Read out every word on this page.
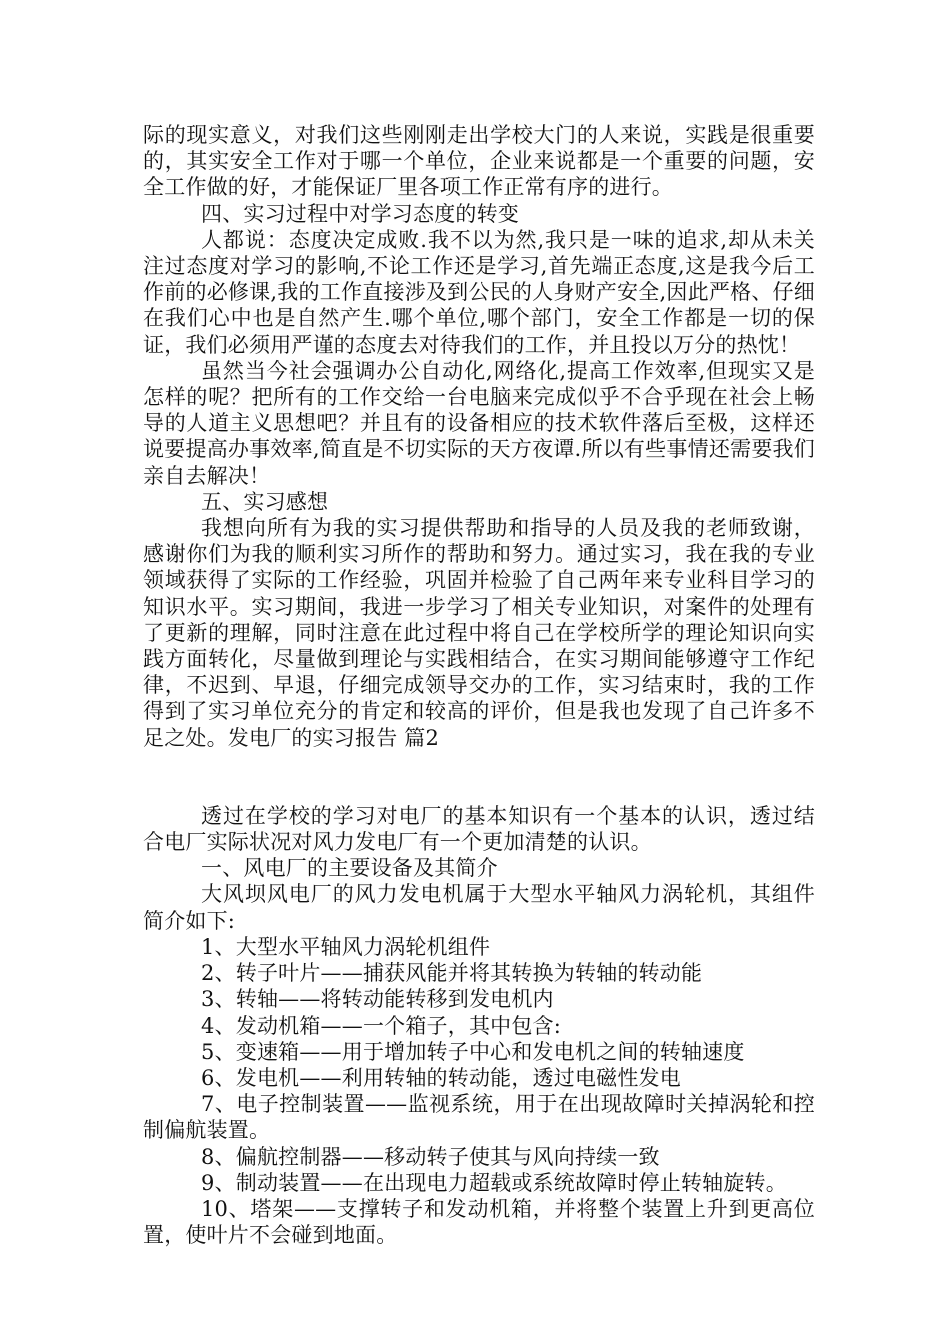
际的现实意义，对我们这些刚刚走出学校大门的人来说，实践是很重要的，其实安全工作对于哪一个单位，企业来说都是一个重要的问题，安全工作做的好，才能保证厂里各项工作正常有序的进行。

四、实习过程中对学习态度的转变

人都说：态度决定成败.我不以为然,我只是一味的追求,却从未关注过态度对学习的影响,不论工作还是学习,首先端正态度,这是我今后工作前的必修课,我的工作直接涉及到公民的人身财产安全,因此严格、仔细在我们心中也是自然产生.哪个单位,哪个部门，安全工作都是一切的保证，我们必须用严谨的态度去对待我们的工作，并且投以万分的热忱！

虽然当今社会强调办公自动化,网络化,提高工作效率,但现实又是怎样的呢？把所有的工作交给一台电脑来完成似乎不合乎现在社会上畅导的人道主义思想吧？并且有的设备相应的技术软件落后至极，这样还说要提高办事效率,简直是不切实际的天方夜谭.所以有些事情还需要我们亲自去解决！

五、实习感想

我想向所有为我的实习提供帮助和指导的人员及我的老师致谢，感谢你们为我的顺利实习所作的帮助和努力。通过实习，我在我的专业领域获得了实际的工作经验，巩固并检验了自己两年来专业科目学习的知识水平。实习期间，我进一步学习了相关专业知识，对案件的处理有了更新的理解，同时注意在此过程中将自己在学校所学的理论知识向实践方面转化，尽量做到理论与实践相结合，在实习期间能够遵守工作纪律，不迟到、早退，仔细完成领导交办的工作，实习结束时，我的工作得到了实习单位充分的肯定和较高的评价，但是我也发现了自己许多不足之处。发电厂的实习报告 篇2

透过在学校的学习对电厂的基本知识有一个基本的认识，透过结合电厂实际状况对风力发电厂有一个更加清楚的认识。

一、风电厂的主要设备及其简介

大风坝风电厂的风力发电机属于大型水平轴风力涡轮机，其组件简介如下:

1、大型水平轴风力涡轮机组件

2、转子叶片——捕获风能并将其转换为转轴的转动能

3、转轴——将转动能转移到发电机内

4、发动机箱——一个箱子，其中包含:

5、变速箱——用于增加转子中心和发电机之间的转轴速度

6、发电机——利用转轴的转动能，透过电磁性发电

7、电子控制装置——监视系统，用于在出现故障时关掉涡轮和控制偏航装置。

8、偏航控制器——移动转子使其与风向持续一致

9、制动装置——在出现电力超载或系统故障时停止转轴旋转。

10、塔架——支撑转子和发动机箱，并将整个装置上升到更高位置，使叶片不会碰到地面。
